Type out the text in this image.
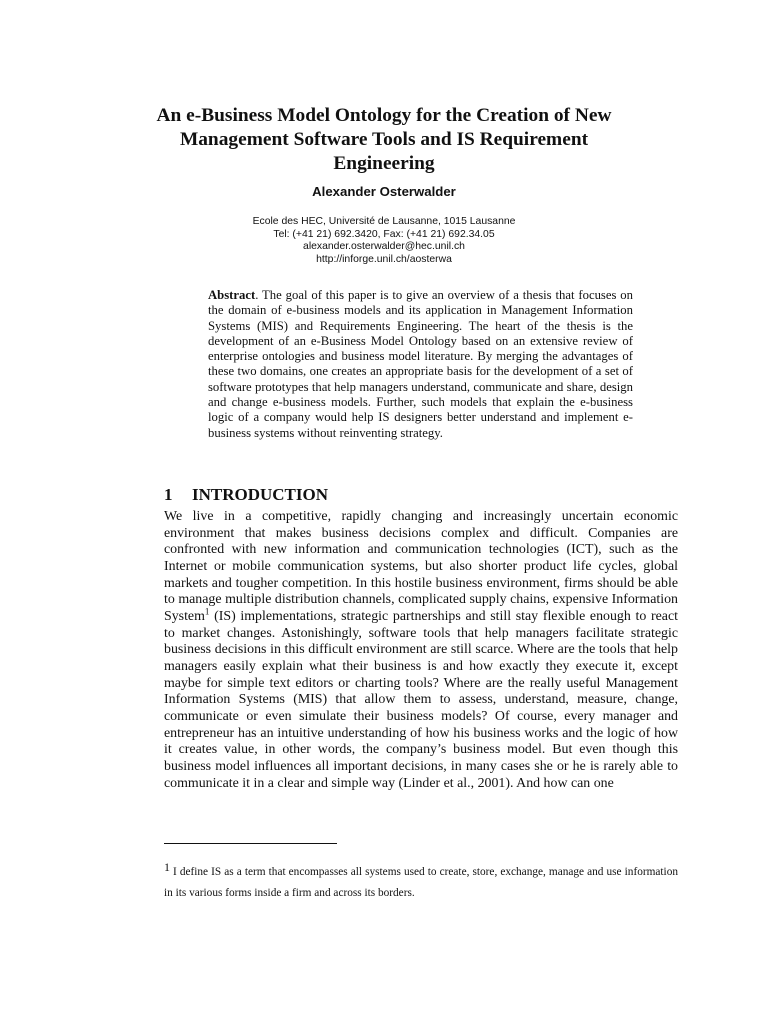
An e-Business Model Ontology for the Creation of New Management Software Tools and IS Requirement Engineering
Alexander Osterwalder
Ecole des HEC, Université de Lausanne, 1015 Lausanne
Tel: (+41 21) 692.3420, Fax: (+41 21) 692.34.05
alexander.osterwalder@hec.unil.ch
http://inforge.unil.ch/aosterwa
Abstract. The goal of this paper is to give an overview of a thesis that focuses on the domain of e-business models and its application in Management Information Systems (MIS) and Requirements Engineering. The heart of the thesis is the development of an e-Business Model Ontology based on an extensive review of enterprise ontologies and business model literature. By merging the advantages of these two domains, one creates an appropriate basis for the development of a set of software prototypes that help managers understand, communicate and share, design and change e-business models. Further, such models that explain the e-business logic of a company would help IS designers better understand and implement e-business systems without reinventing strategy.
1 INTRODUCTION
We live in a competitive, rapidly changing and increasingly uncertain economic environment that makes business decisions complex and difficult. Companies are confronted with new information and communication technologies (ICT), such as the Internet or mobile communication systems, but also shorter product life cycles, global markets and tougher competition. In this hostile business environment, firms should be able to manage multiple distribution channels, complicated supply chains, expensive Information System$^1$ (IS) implementations, strategic partnerships and still stay flexible enough to react to market changes. Astonishingly, software tools that help managers facilitate strategic business decisions in this difficult environment are still scarce. Where are the tools that help managers easily explain what their business is and how exactly they execute it, except maybe for simple text editors or charting tools? Where are the really useful Management Information Systems (MIS) that allow them to assess, understand, measure, change, communicate or even simulate their business models? Of course, every manager and entrepreneur has an intuitive understanding of how his business works and the logic of how it creates value, in other words, the company’s business model. But even though this business model influences all important decisions, in many cases she or he is rarely able to communicate it in a clear and simple way (Linder et al., 2001). And how can one
1 I define IS as a term that encompasses all systems used to create, store, exchange, manage and use information in its various forms inside a firm and across its borders.
